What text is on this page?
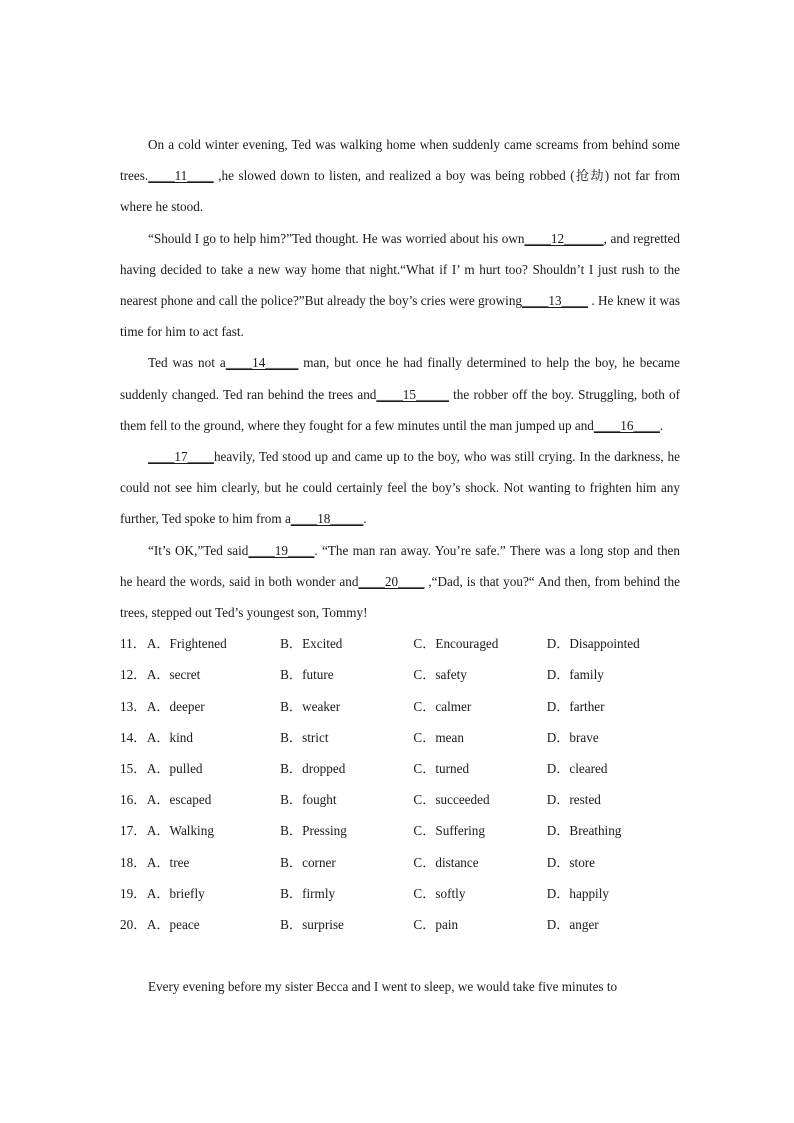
On a cold winter evening, Ted was walking home when suddenly came screams from behind some trees.____11____ ,he slowed down to listen, and realized a boy was being robbed (抢劫) not far from where he stood.

“Should I go to help him?”Ted thought. He was worried about his own____12______, and regretted having decided to take a new way home that night.“What if I’ m hurt too? Shouldn’t I just rush to the nearest phone and call the police?”But already the boy’s cries were growing____13____ . He knew it was time for him to act fast.

Ted was not a____14_____ man, but once he had finally determined to help the boy, he became suddenly changed. Ted ran behind the trees and____15_____ the robber off the boy. Struggling, both of them fell to the ground, where they fought for a few minutes until the man jumped up and____16____.

____17____heavily, Ted stood up and came up to the boy, who was still crying. In the darkness, he could not see him clearly, but he could certainly feel the boy’s shock. Not wanting to frighten him any further, Ted spoke to him from a____18_____.

“It’s OK,”Ted said____19____. “The man ran away. You’re safe.” There was a long stop and then he heard the words, said in both wonder and____20____ ,“Dad, is that you?“ And then, from behind the trees, stepped out Ted’s youngest son, Tommy!

11． A．Frightened	B．Excited	C．Encouraged	D．Disappointed
12． A．secret	B．future	C．safety	D．family
13． A．deeper	B．weaker	C．calmer	D．farther
14． A．kind	B．strict	C．mean	D．brave
15． A．pulled	B．dropped	C．turned	D．cleared
16． A．escaped	B．fought	C．succeeded	D．rested
17． A．Walking	B．Pressing	C．Suffering	D．Breathing
18． A．tree	B．corner	C．distance	D．store
19． A．briefly	B．firmly	C．softly	D．happily
20． A．peace	B．surprise	C．pain	D．anger

Every evening before my sister Becca and I went to sleep, we would take five minutes to
